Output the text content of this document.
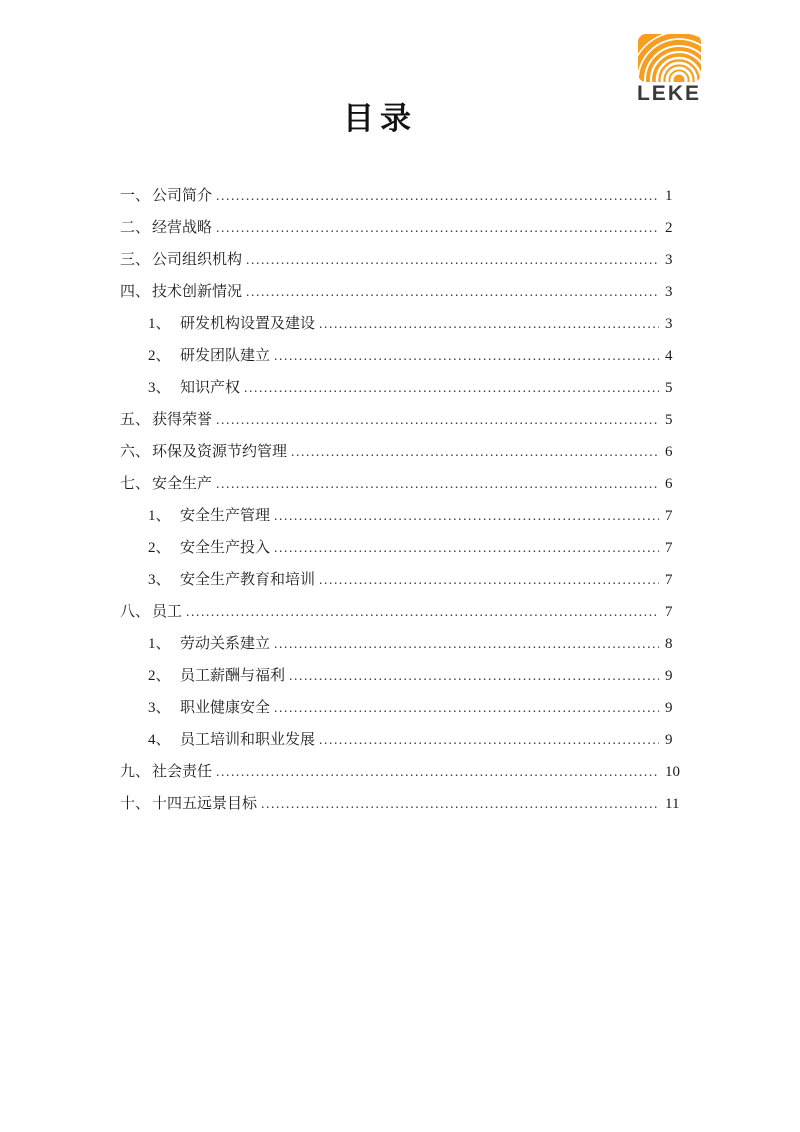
LEKE
目录
一、 公司简介 .....	1
二、 经营战略 .....	2
三、 公司组织机构 .....	3
四、 技术创新情况 .....	3
1、 研发机构设置及建设 .....	3
2、 研发团队建立 .....	4
3、 知识产权 .....	5
五、 获得荣誉 .....	5
六、 环保及资源节约管理 .....	6
七、 安全生产 .....	6
1、 安全生产管理 .....	7
2、 安全生产投入 .....	7
3、 安全生产教育和培训 .....	7
八、 员工 .....	7
1、 劳动关系建立 .....	8
2、 员工薪酬与福利 .....	9
3、 职业健康安全 .....	9
4、 员工培训和职业发展 .....	9
九、 社会责任 .....	10
十、 十四五远景目标 .....	11
